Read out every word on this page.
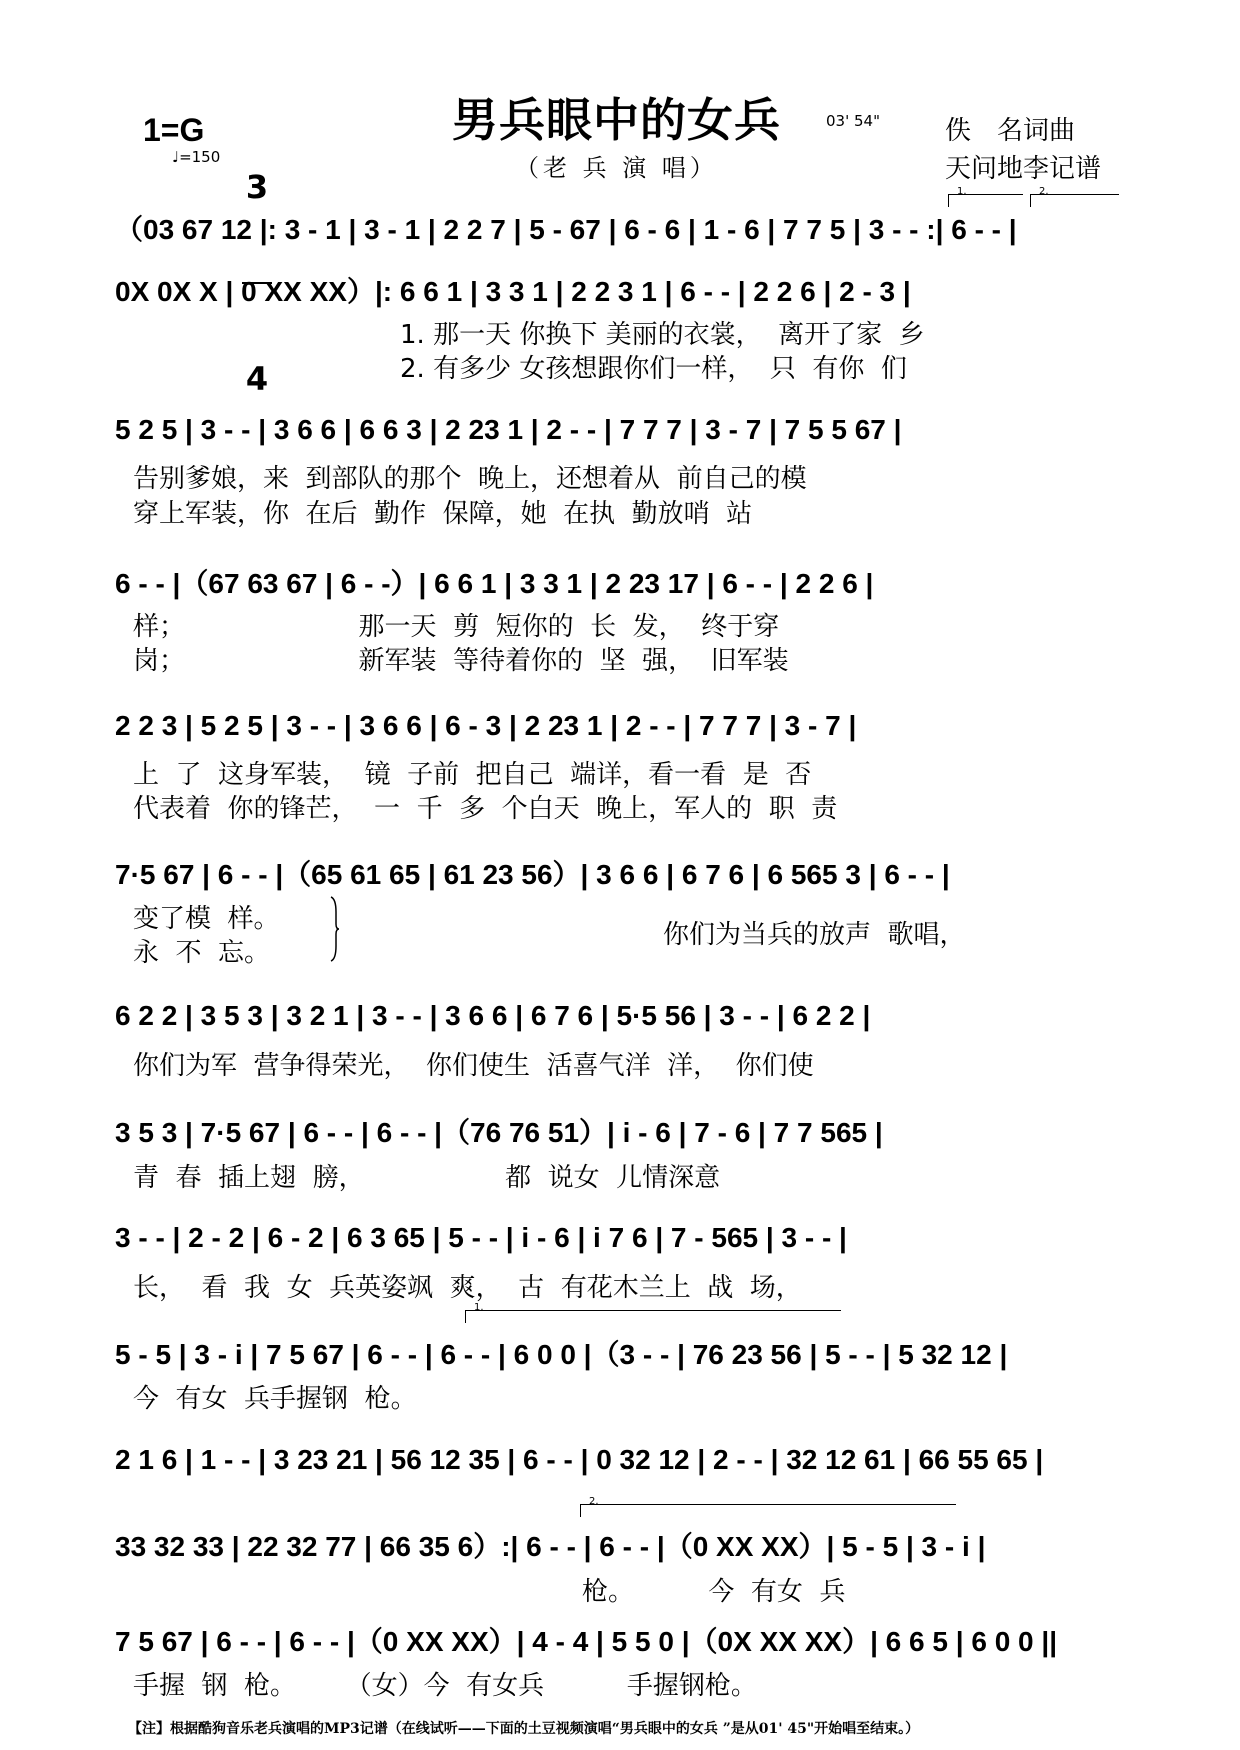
1=G
♩=150

3

4

男兵眼中的女兵	03' 54"
（老 兵 演 唱）
佚　名词曲
天问地李记谱
1.	2.
1.
2.
（03 67 12 |: 3 - 1 | 3 - 1 | 2 2 7 | 5 - 67 | 6 - 6 | 1 - 6 | 7 7 5 | 3 - - :| 6 - - |
0X 0X X | 0 XX XX）|: 6 6 1 | 3 3 1 | 2 2 3 1 | 6 - - | 2 2 6 | 2 - 3 |
1. 那一天 你换下 美丽的衣裳，  离开了家  乡
2. 有多少 女孩想跟你们一样，  只  有你  们
5 2 5 | 3 - - | 3 6 6 | 6 6 3 | 2 23 1 | 2 - - | 7 7 7 | 3 - 7 | 7 5 5 67 |
告别爹娘，来  到部队的那个  晚上，还想着从  前自己的模
穿上军装，你  在后  勤作  保障，她  在执  勤放哨  站
6 - - |（67 63 67 | 6 - -）| 6 6 1 | 3 3 1 | 2 23 17 | 6 - - | 2 2 6 |
样；                     那一天  剪  短你的  长  发，  终于穿
岗；                     新军装  等待着你的  坚  强，  旧军装
2 2 3 | 5 2 5 | 3 - - | 3 6 6 | 6 - 3 | 2 23 1 | 2 - - | 7 7 7 | 3 - 7 |
上  了  这身军装，  镜  子前  把自己  端详，看一看  是  否
代表着  你的锋芒，  一  千  多  个白天  晚上，军人的  职  责
7·5 67 | 6 - - |（65 61 65 | 61 23 56）| 3 6 6 | 6 7 6 | 6 565 3 | 6 - - |
变了模  样。
永  不  忘。
你们为当兵的放声  歌唱，
6 2 2 | 3 5 3 | 3 2 1 | 3 - - | 3 6 6 | 6 7 6 | 5·5 56 | 3 - - | 6 2 2 |
你们为军  营争得荣光，  你们使生  活喜气洋  洋，  你们使
3 5 3 | 7·5 67 | 6 - - | 6 - - |（76 76 51）| i - 6 | 7 - 6 | 7 7 565 |
青  春  插上翅  膀，                 都  说女  儿情深意
3 - - | 2 - 2 | 6 - 2 | 6 3 65 | 5 - - | i - 6 | i 7 6 | 7 - 565 | 3 - - |
长，  看  我  女  兵英姿飒  爽，  古  有花木兰上  战  场，
5 - 5 | 3 - i | 7 5 67 | 6 - - | 6 - - | 6 0 0 |（3 - - | 76 23 56 | 5 - - | 5 32 12 |
今  有女  兵手握钢  枪。
2 1 6 | 1 - - | 3 23 21 | 56 12 35 | 6 - - | 0 32 12 | 2 - - | 32 12 61 | 66 55 65 |
33 32 33 | 22 32 77 | 66 35 6）:| 6 - - | 6 - - |（0 XX XX）| 5 - 5 | 3 - i |
枪。         今  有女  兵
7 5 67 | 6 - - | 6 - - |（0 XX XX）| 4 - 4 | 5 5 0 |（0X XX XX）| 6 6 5 | 6 0 0 ||
手握  钢  枪。      （女）今  有女兵          手握钢枪。
【注】根据酷狗音乐老兵演唱的MP3记谱（在线试听——下面的土豆视频演唱“男兵眼中的女兵 ”是从01' 45"开始唱至结束。）
